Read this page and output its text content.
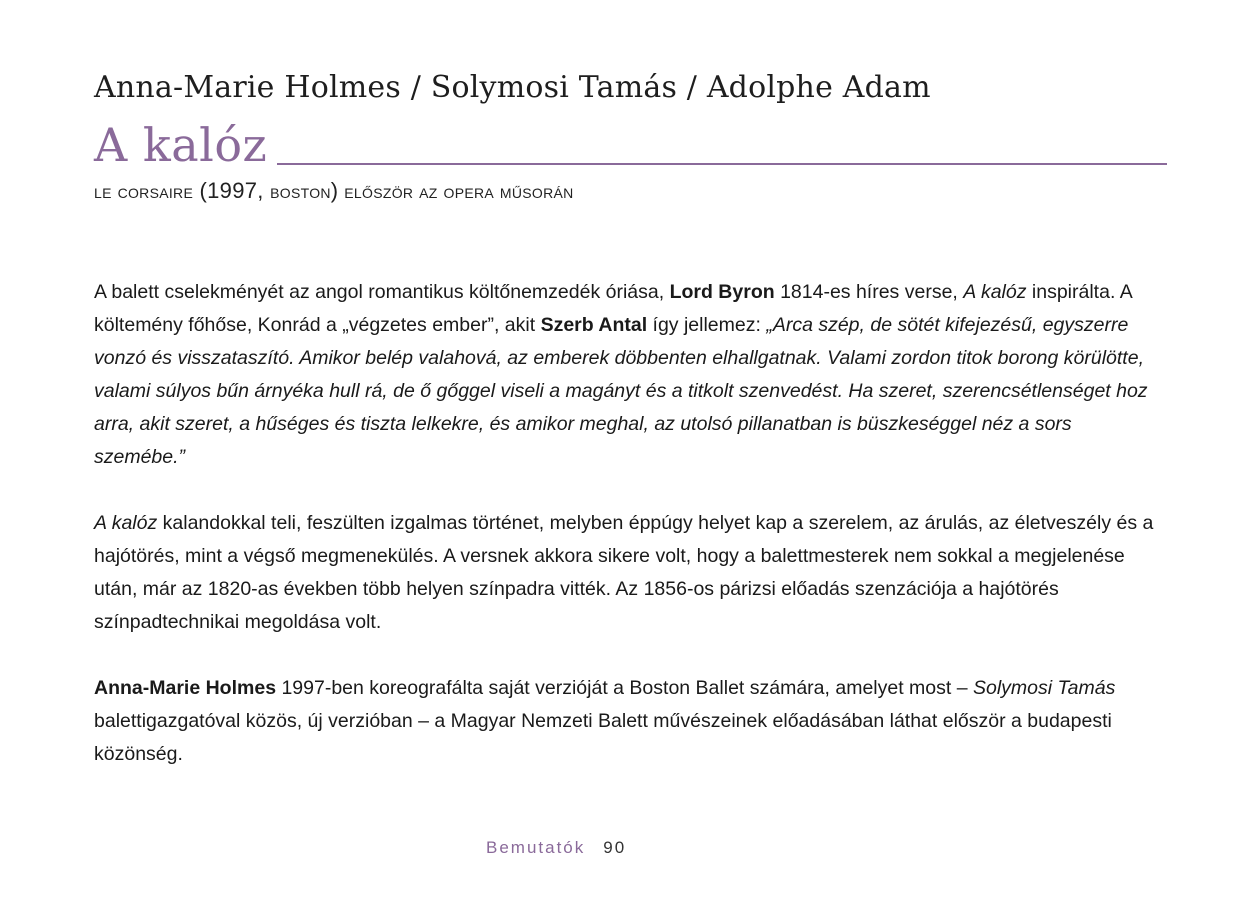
Anna-Marie Holmes / Solymosi Tamás / Adolphe Adam
A kalóz
le corsaire (1997, boston) először az opera műsorán

A balett cselekményét az angol romantikus költőnemzedék óriása, Lord Byron 1814-es híres verse, A kalóz inspirálta. A költemény főhőse, Konrád a „végzetes ember”, akit Szerb Antal így jellemez: „Arca szép, de sötét kifejezésű, egyszerre vonzó és visszataszító. Amikor belép valahová, az emberek döbbenten elhallgatnak. Valami zordon titok borong körülötte, valami súlyos bűn árnyéka hull rá, de ő gőggel viseli a magányt és a titkolt szenvedést. Ha szeret, szerencsétlenséget hoz arra, akit szeret, a hűséges és tiszta lelkekre, és amikor meghal, az utolsó pillanatban is büszkeséggel néz a sors szemébe.”

A kalóz kalandokkal teli, feszülten izgalmas történet, melyben éppúgy helyet kap a szerelem, az árulás, az életveszély és a hajótörés, mint a végső megmenekülés. A versnek akkora sikere volt, hogy a balettmesterek nem sokkal a megjelenése után, már az 1820-as években több helyen színpadra vitték. Az 1856-os párizsi előadás szenzációja a hajótörés színpadtechnikai megoldása volt.

Anna-Marie Holmes 1997-ben koreografálta saját verzióját a Boston Ballet számára, amelyet most – Solymosi Tamás balettigazgatóval közös, új verzióban – a Magyar Nemzeti Balett művészeinek előadásában láthat először a budapesti közönség.

Bemutatók 90
